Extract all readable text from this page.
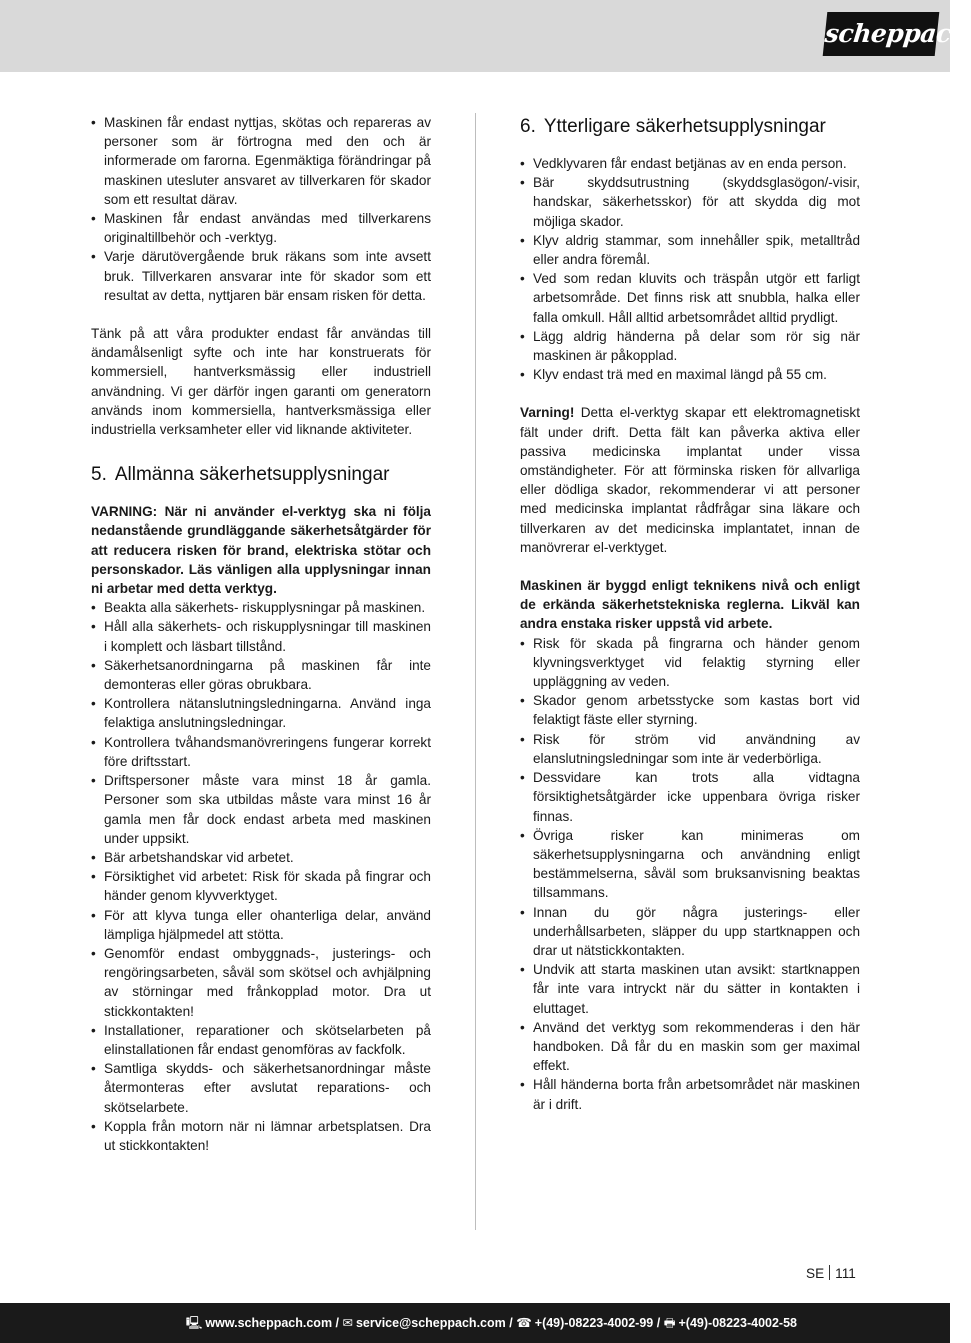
scheppach
• Maskinen får endast nyttjas, skötas och repareras av personer som är förtrogna med den och är informerade om farorna. Egenmäktiga förändringar på maskinen utesluter ansvaret av tillverkaren för skador som ett resultat därav.
• Maskinen får endast användas med tillverkarens originaltillbehör och -verktyg.
• Varje därutövergående bruk räkans som inte avsett bruk. Tillverkaren ansvarar inte för skador som ett resultat av detta, nyttjaren bär ensam risken för detta.

Tänk på att våra produkter endast får användas till ändamålsenligt syfte och inte har konstruerats för kommersiell, hantverksmässig eller industriell användning. Vi ger därför ingen garanti om generatorn används inom kommersiella, hantverksmässiga eller industriella verksamheter eller vid liknande aktiviteter.

5. Allmänna säkerhetsupplysningar

VARNING: När ni använder el-verktyg ska ni följa nedanstående grundläggande säkerhetsåtgärder för att reducera risken för brand, elektriska stötar och personskador. Läs vänligen alla upplysningar innan ni arbetar med detta verktyg.

• Beakta alla säkerhets- riskupplysningar på maskinen.
• Håll alla säkerhets- och riskupplysningar till maskinen i komplett och läsbart tillstånd.
• Säkerhetsanordningarna på maskinen får inte demonteras eller göras obrukbara.
• Kontrollera nätanslutningsledningarna. Använd inga felaktiga anslutningsledningar.
• Kontrollera tvåhandsmanövreringens fungerar korrekt före driftsstart.
• Driftspersoner måste vara minst 18 år gamla. Personer som ska utbildas måste vara minst 16 år gamla men får dock endast arbeta med maskinen under uppsikt.
• Bär arbetshandskar vid arbetet.
• Försiktighet vid arbetet: Risk för skada på fingrar och händer genom klyvverktyget.
• För att klyva tunga eller ohanterliga delar, använd lämpliga hjälpmedel att stötta.
• Genomför endast ombyggnads-, justerings- och rengöringsarbeten, såväl som skötsel och avhjälpning av störningar med frånkopplad motor. Dra ut stickkontakten!
• Installationer, reparationer och skötselarbeten på elinstallationen får endast genomföras av fackfolk.
• Samtliga skydds- och säkerhetsanordningar måste återmonteras efter avslutat reparations- och skötselarbete.
• Koppla från motorn när ni lämnar arbetsplatsen. Dra ut stickkontakten!
6. Ytterligare säkerhetsupplysningar
• Vedklyvaren får endast betjänas av en enda person.
• Bär skyddsutrustning (skyddsglasögon/-visir, handskar, säkerhetsskor) för att skydda dig mot möjliga skador.
• Klyv aldrig stammar, som innehåller spik, metalltråd eller andra föremål.
• Ved som redan kluvits och träspån utgör ett farligt arbetsområde. Det finns risk att snubbla, halka eller falla omkull. Håll alltid arbetsområdet alltid prydligt.
• Lägg aldrig händerna på delar som rör sig när maskinen är påkopplad.
• Klyv endast trä med en maximal längd på 55 cm.

Varning! Detta el-verktyg skapar ett elektromagnetiskt fält under drift. Detta fält kan påverka aktiva eller passiva medicinska implantat under vissa omständigheter. För att förminska risken för allvarliga eller dödliga skador, rekommenderar vi att personer med medicinska implantat rådfrågar sina läkare och tillverkaren av det medicinska implantatet, innan de manövrerar el-verktyget.

Maskinen är byggd enligt teknikens nivå och enligt de erkända säkerhetstekniska reglerna. Likväl kan andra enstaka risker uppstå vid arbete.

• Risk för skada på fingrarna och händer genom klyvningsverktyget vid felaktig styrning eller uppläggning av veden.
• Skador genom arbetsstycke som kastas bort vid felaktigt fäste eller styrning.
• Risk för ström vid användning av elanslutningsledningar som inte är vederbörliga.
• Dessvidare kan trots alla vidtagna försiktighetsåtgärder icke uppenbara övriga risker finnas.
• Övriga risker kan minimeras om säkerhetsupplysningarna och användning enligt bestämmelserna, såväl som bruksanvisning beaktas tillsammans.
• Innan du gör några justerings- eller underhållsarbeten, släpper du upp startknappen och drar ut nätstickkontakten.
• Undvik att starta maskinen utan avsikt: startknappen får inte vara intryckt när du sätter in kontakten i eluttaget.
• Använd det verktyg som rekommenderas i den här handboken. Då får du en maskin som ger maximal effekt.
• Håll händerna borta från arbetsområdet när maskinen är i drift.
SE 111
🖳 www.scheppach.com / ✉ service@scheppach.com / ☎ +(49)-08223-4002-99 / 🖶 +(49)-08223-4002-58
